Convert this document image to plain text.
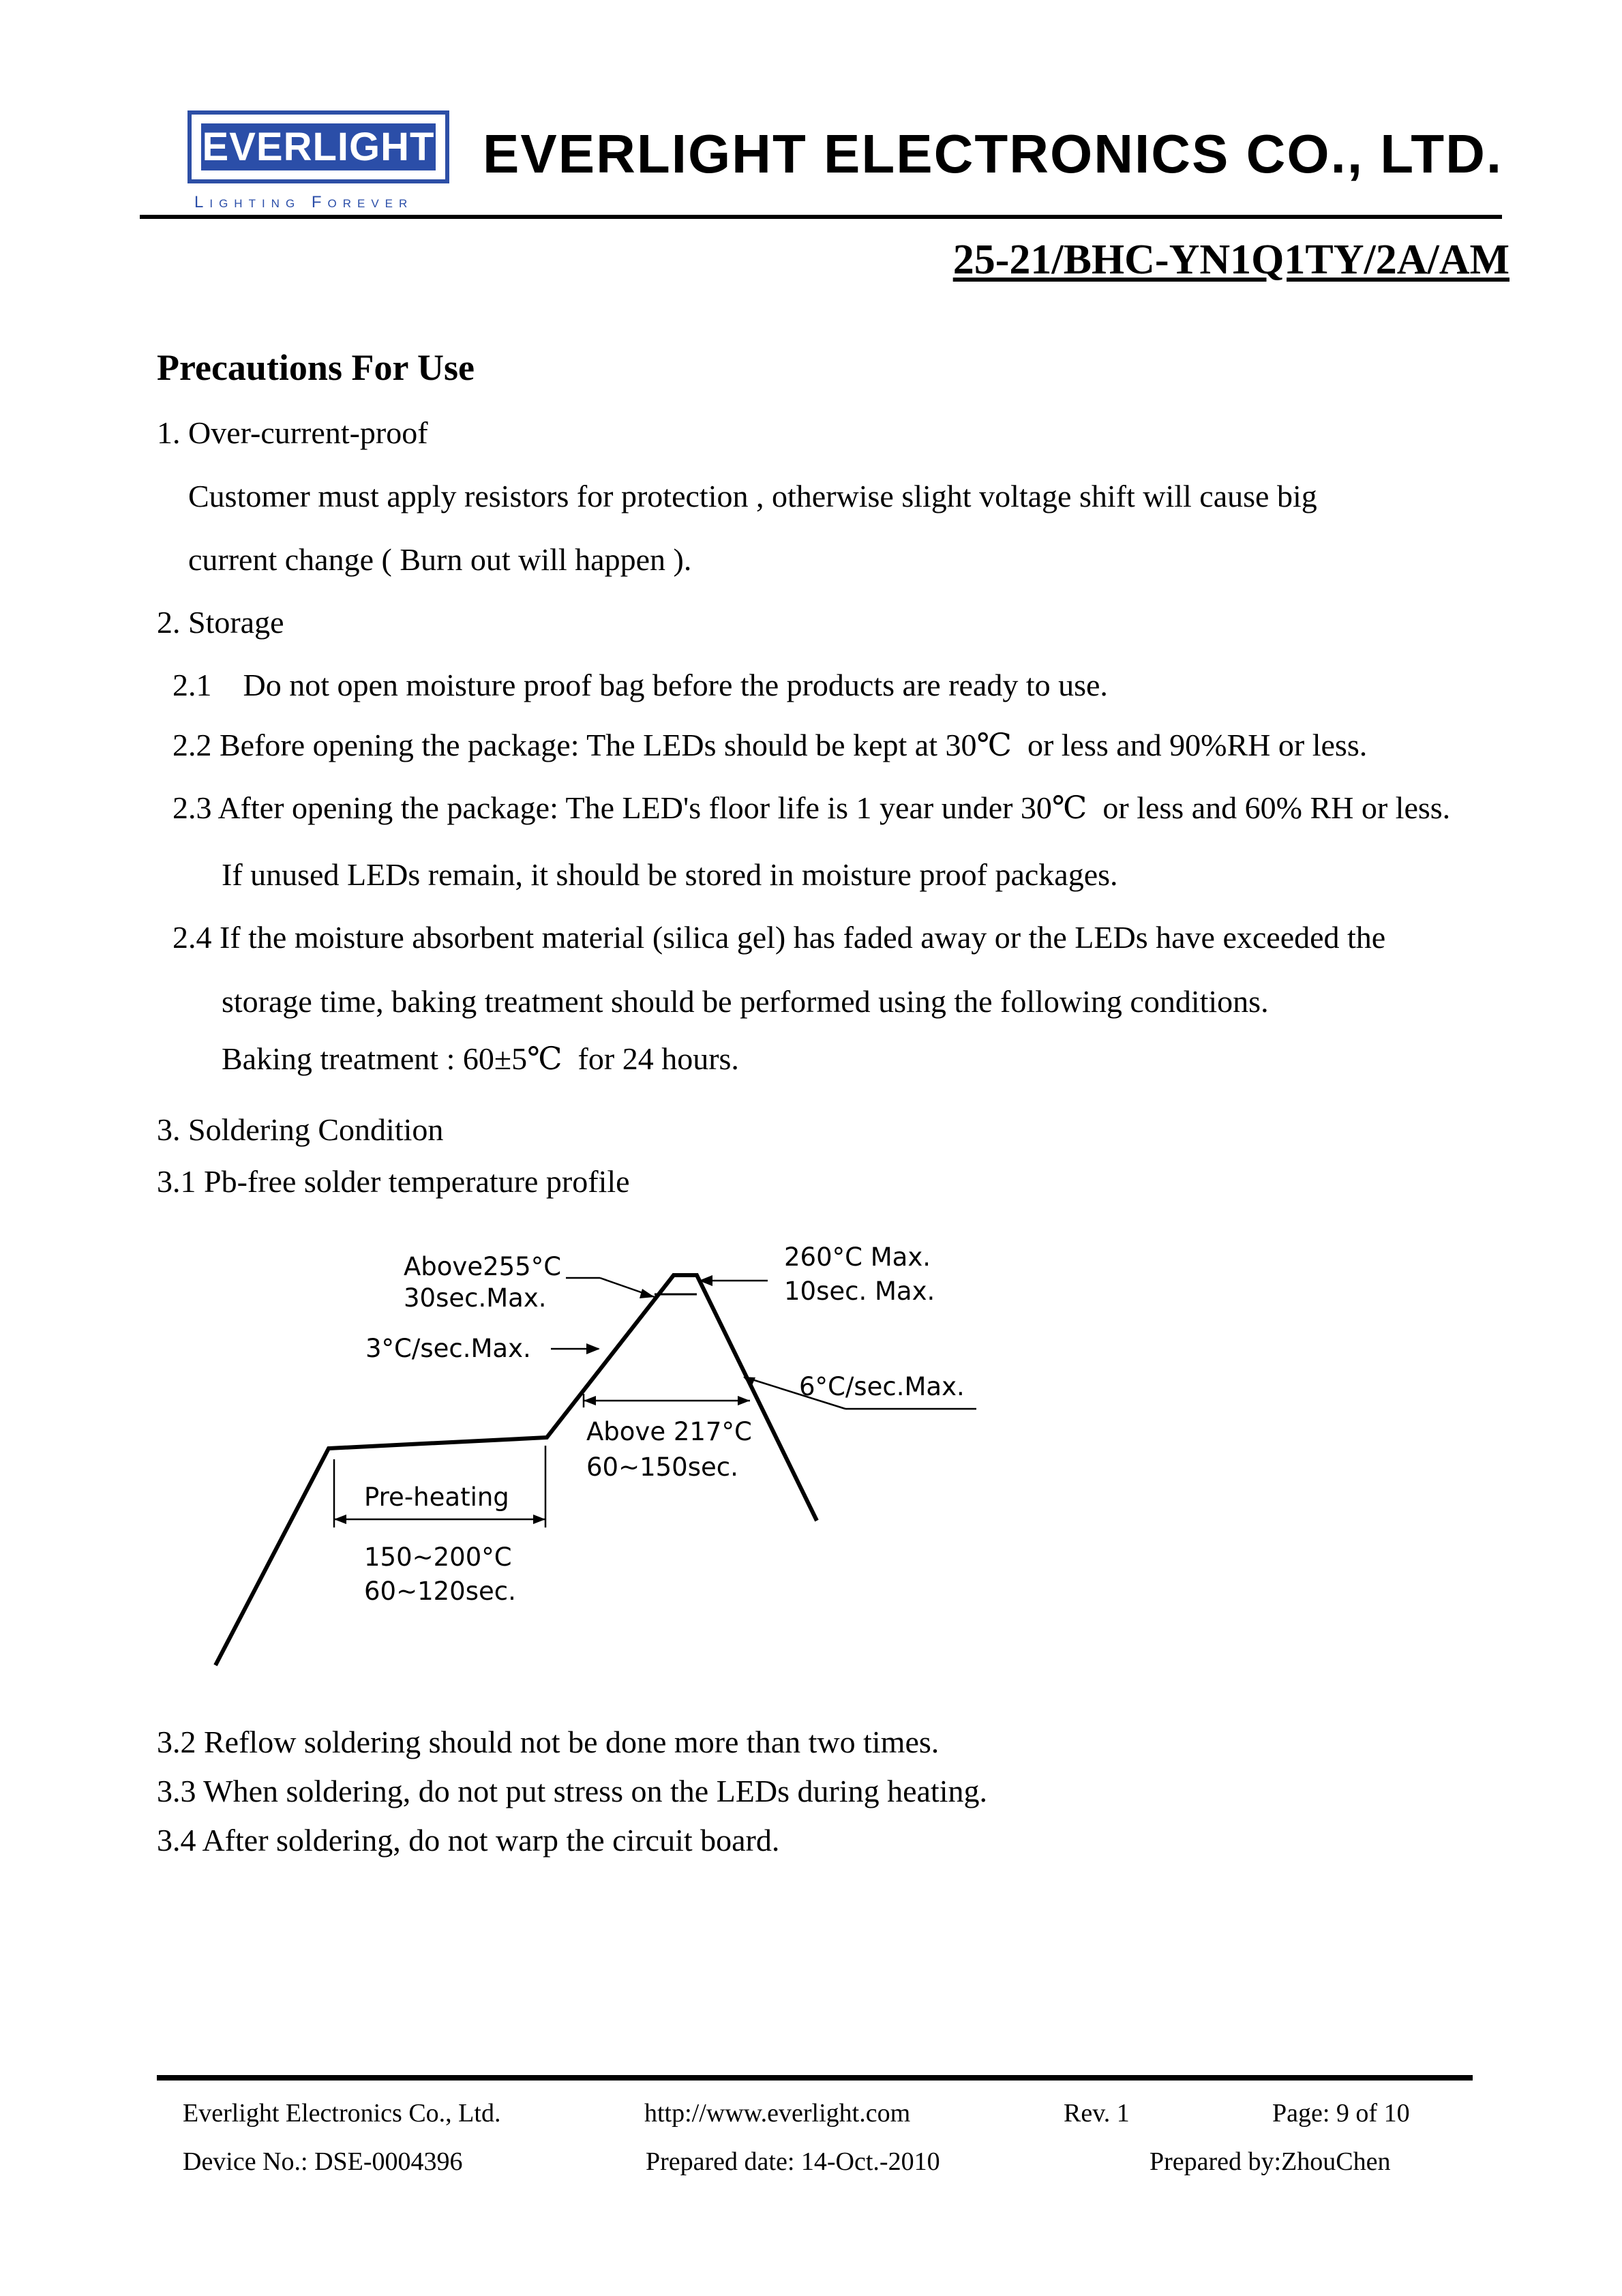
EVERLIGHT
Lighting Forever
EVERLIGHT ELECTRONICS CO., LTD.
25-21/BHC-YN1Q1TY/2A/AM
Precautions For Use
1. Over-current-proof
Customer must apply resistors for protection , otherwise slight voltage shift will cause big
current change ( Burn out will happen ).
2. Storage
2.1    Do not open moisture proof bag before the products are ready to use.
2.2 Before opening the package: The LEDs should be kept at 30℃  or less and 90%RH or less.
2.3 After opening the package: The LED's floor life is 1 year under 30℃  or less and 60% RH or less.
If unused LEDs remain, it should be stored in moisture proof packages.
2.4 If the moisture absorbent material (silica gel) has faded away or the LEDs have exceeded the
storage time, baking treatment should be performed using the following conditions.
Baking treatment : 60±5℃  for 24 hours.
3. Soldering Condition
3.1 Pb-free solder temperature profile
Above255°C
30sec.Max.
3°C/sec.Max.
260°C Max.
10sec. Max.
6°C/sec.Max.
Above 217°C
60~150sec.
Pre-heating
150~200°C
60~120sec.
3.2 Reflow soldering should not be done more than two times.
3.3 When soldering, do not put stress on the LEDs during heating.
3.4 After soldering, do not warp the circuit board.
Everlight Electronics Co., Ltd.	http://www.everlight.com	Rev. 1	Page: 9 of 10
Device No.: DSE-0004396	Prepared date: 14-Oct.-2010	Prepared by:ZhouChen
